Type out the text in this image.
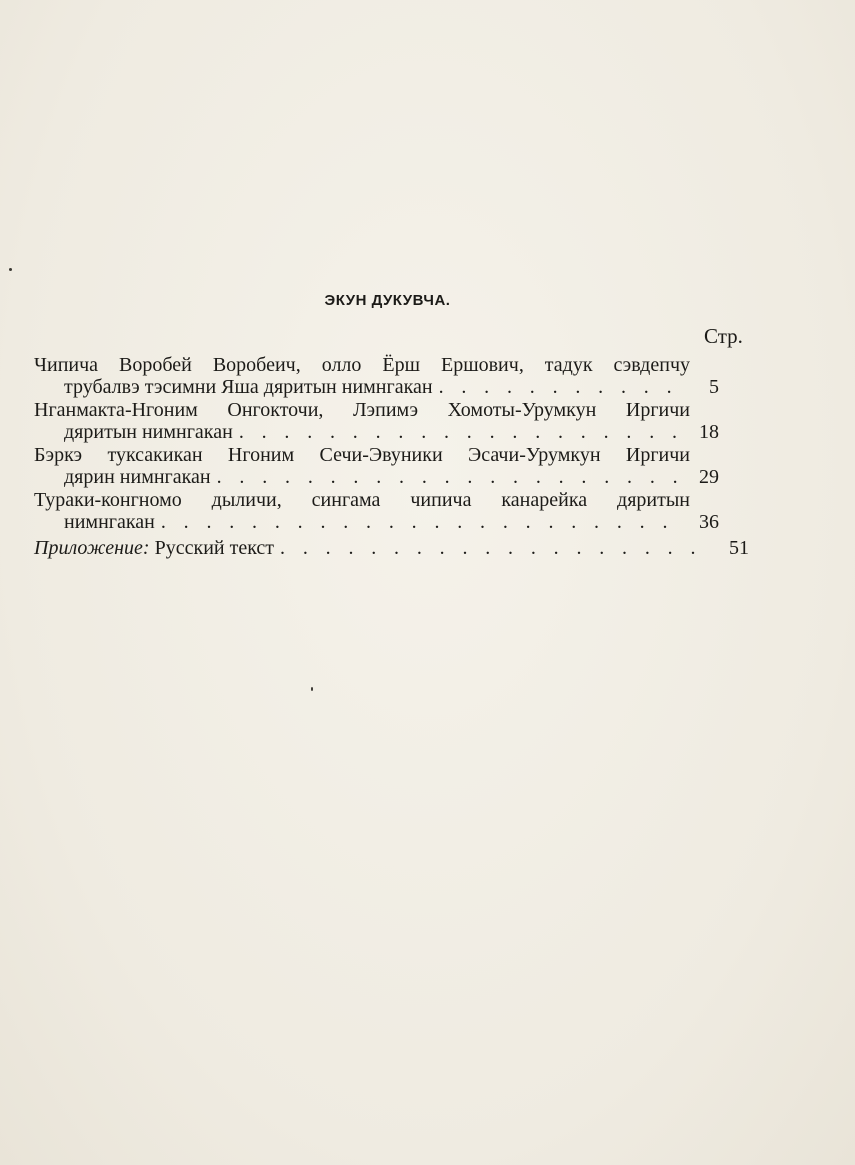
ЭКУН ДУКУВЧА.
Стр.
Чипича Воробей Воробеич, олло Ёрш Ершович, тадук сэвдепчу
трубалвэ тэсимни Яша дяритын нимнгакан . . .	5
Нганмакта-Нгоним Онгокточи, Лэпимэ Хомоты-Урумкун Иргичи
дяритын нимнгакан . . .	18
Бэркэ туксакикан Нгоним Сечи-Эвуники Эсачи-Урумкун Иргичи
дярин нимнгакан . . .	29
Тураки-конгномо дыличи, сингама чипича канарейка дяритын
нимнгакан . . .	36
Приложение: Русский текст . . .	51
